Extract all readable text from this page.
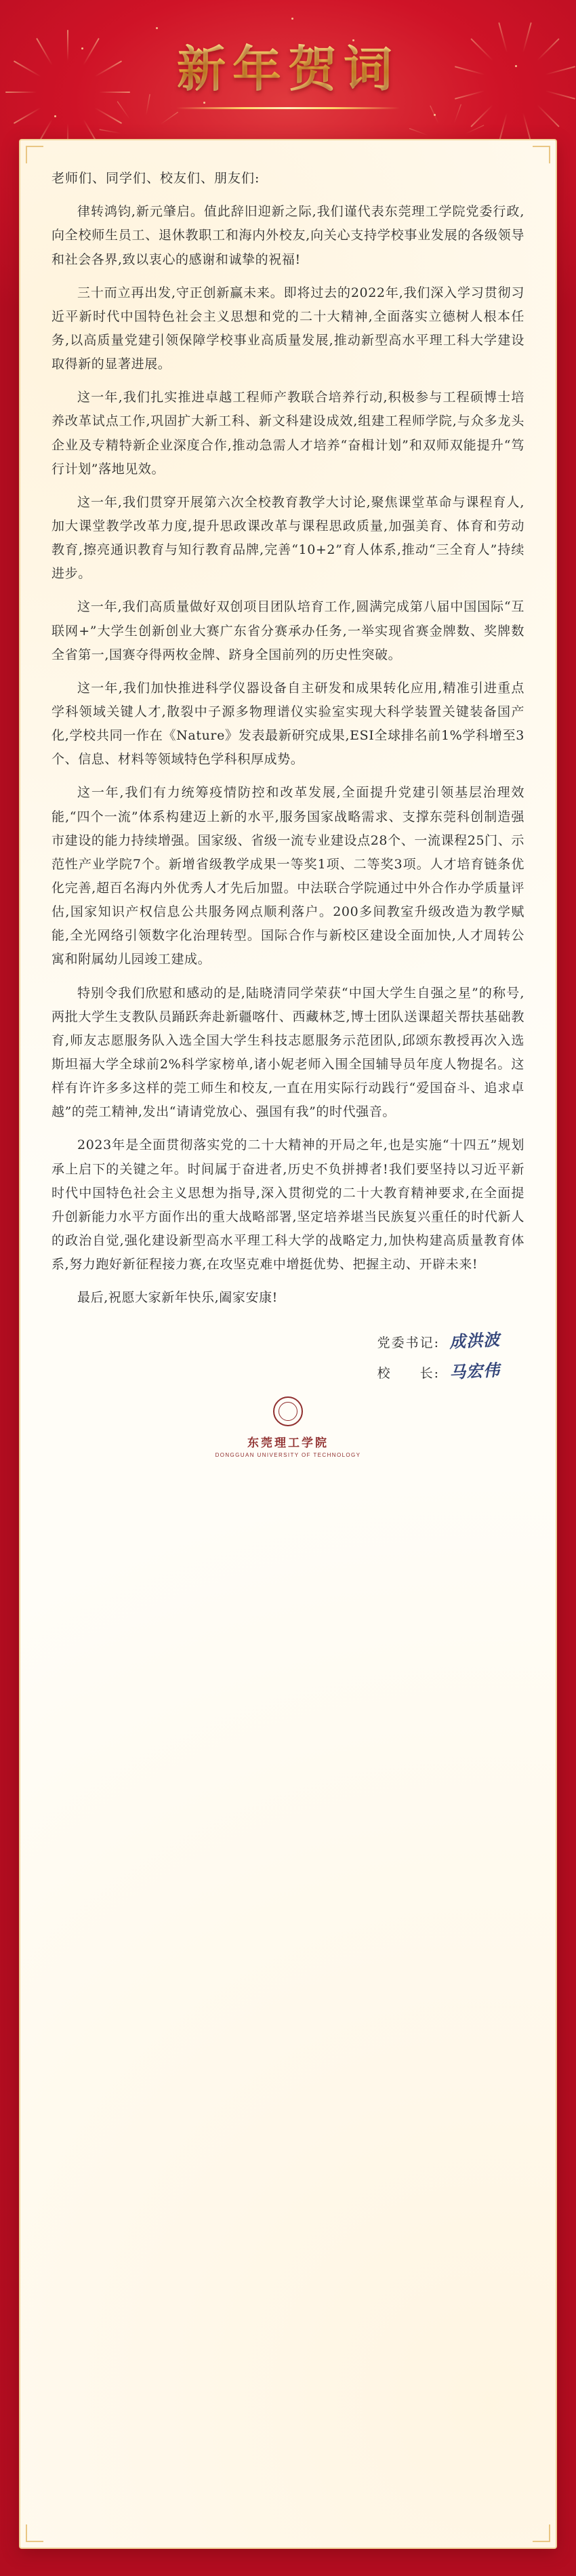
新年贺词
老师们、同学们、校友们、朋友们:

律转鸿钧,新元肇启。值此辞旧迎新之际,我们谨代表东莞理工学院党委行政,向全校师生员工、退休教职工和海内外校友,向关心支持学校事业发展的各级领导和社会各界,致以衷心的感谢和诚挚的祝福!

三十而立再出发,守正创新赢未来。即将过去的2022年,我们深入学习贯彻习近平新时代中国特色社会主义思想和党的二十大精神,全面落实立德树人根本任务,以高质量党建引领保障学校事业高质量发展,推动新型高水平理工科大学建设取得新的显著进展。

这一年,我们扎实推进卓越工程师产教联合培养行动,积极参与工程硕博士培养改革试点工作,巩固扩大新工科、新文科建设成效,组建工程师学院,与众多龙头企业及专精特新企业深度合作,推动急需人才培养“奋楫计划”和双师双能提升“笃行计划”落地见效。

这一年,我们贯穿开展第六次全校教育教学大讨论,聚焦课堂革命与课程育人,加大课堂教学改革力度,提升思政课改革与课程思政质量,加强美育、体育和劳动教育,擦亮通识教育与知行教育品牌,完善“10+2”育人体系,推动“三全育人”持续进步。

这一年,我们高质量做好双创项目团队培育工作,圆满完成第八届中国国际“互联网+”大学生创新创业大赛广东省分赛承办任务,一举实现省赛金牌数、奖牌数全省第一,国赛夺得两枚金牌、跻身全国前列的历史性突破。

这一年,我们加快推进科学仪器设备自主研发和成果转化应用,精准引进重点学科领域关键人才,散裂中子源多物理谱仪实验室实现大科学装置关键装备国产化,学校共同一作在《Nature》发表最新研究成果,ESI全球排名前1%学科增至3个、信息、材料等领域特色学科积厚成势。

这一年,我们有力统筹疫情防控和改革发展,全面提升党建引领基层治理效能,“四个一流”体系构建迈上新的水平,服务国家战略需求、支撑东莞科创制造强市建设的能力持续增强。国家级、省级一流专业建设点28个、一流课程25门、示范性产业学院7个。新增省级教学成果一等奖1项、二等奖3项。人才培育链条优化完善,超百名海内外优秀人才先后加盟。中法联合学院通过中外合作办学质量评估,国家知识产权信息公共服务网点顺利落户。200多间教室升级改造为教学赋能,全光网络引领数字化治理转型。国际合作与新校区建设全面加快,人才周转公寓和附属幼儿园竣工建成。

特别令我们欣慰和感动的是,陆晓清同学荣获“中国大学生自强之星”的称号,两批大学生支教队员踊跃奔赴新疆喀什、西藏林芝,博士团队送课超关帮扶基础教育,师友志愿服务队入选全国大学生科技志愿服务示范团队,邱颂东教授再次入选斯坦福大学全球前2%科学家榜单,诸小妮老师入围全国辅导员年度人物提名。这样有许许多多这样的莞工师生和校友,一直在用实际行动践行“爱国奋斗、追求卓越”的莞工精神,发出“请请党放心、强国有我”的时代强音。

2023年是全面贯彻落实党的二十大精神的开局之年,也是实施“十四五”规划承上启下的关键之年。时间属于奋进者,历史不负拼搏者!我们要坚持以习近平新时代中国特色社会主义思想为指导,深入贯彻党的二十大教育精神要求,在全面提升创新能力水平方面作出的重大战略部署,坚定培养堪当民族复兴重任的时代新人的政治自觉,强化建设新型高水平理工科大学的战略定力,加快构建高质量教育体系,努力跑好新征程接力赛,在攻坚克难中增挺优势、把握主动、开辟未来!

最后,祝愿大家新年快乐,阖家安康!

党委书记: 成洪波
校　　长: 马宏伟
东莞理工学院
DONGGUAN UNIVERSITY OF TECHNOLOGY
